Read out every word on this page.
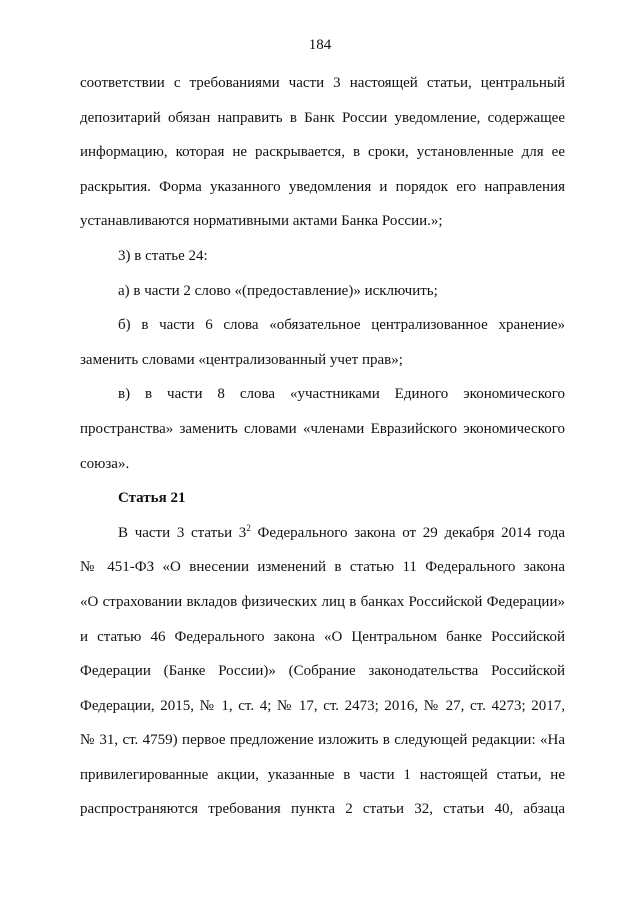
184
соответствии с требованиями части 3 настоящей статьи, центральный
депозитарий обязан направить в Банк России уведомление, содержащее
информацию, которая не раскрывается, в сроки, установленные для ее
раскрытия. Форма указанного уведомления и порядок его направления
устанавливаются нормативными актами Банка России.»;
3) в статье 24:
а) в части 2 слово «(предоставление)» исключить;
б) в части 6 слова «обязательное централизованное хранение»
заменить словами «централизованный учет прав»;
в) в части 8 слова «участниками Единого экономического
пространства» заменить словами «членами Евразийского экономического
союза».
Статья 21
В части 3 статьи $3^2$ Федерального закона от 29 декабря 2014 года
№ 451-ФЗ «О внесении изменений в статью 11 Федерального закона
«О страховании вкладов физических лиц в банках Российской Федерации»
и статью 46 Федерального закона «О Центральном банке Российской
Федерации (Банке России)» (Собрание законодательства Российской
Федерации, 2015, № 1, ст. 4; № 17, ст. 2473; 2016, № 27, ст. 4273; 2017,
№ 31, ст. 4759) первое предложение изложить в следующей редакции: «На
привилегированные акции, указанные в части 1 настоящей статьи, не
распространяются требования пункта 2 статьи 32, статьи 40, абзаца
